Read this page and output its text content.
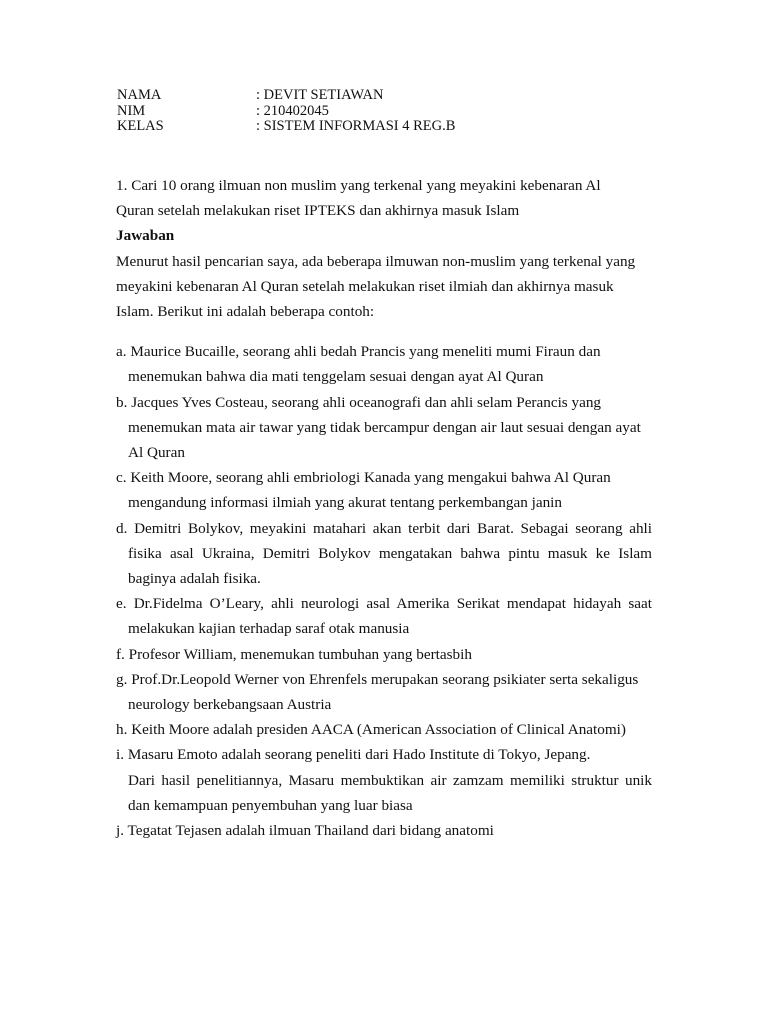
NAMA	: DEVIT SETIAWAN
NIM	: 210402045
KELAS	: SISTEM INFORMASI 4 REG.B

1. Cari 10 orang ilmuan non muslim yang terkenal yang meyakini kebenaran Al

Quran setelah melakukan riset IPTEKS dan akhirnya masuk Islam

Jawaban

Menurut hasil pencarian saya, ada beberapa ilmuwan non-muslim yang terkenal yang

meyakini kebenaran Al Quran setelah melakukan riset ilmiah dan akhirnya masuk

Islam. Berikut ini adalah beberapa contoh:

a. Maurice Bucaille, seorang ahli bedah Prancis yang meneliti mumi Firaun dan
menemukan bahwa dia mati tenggelam sesuai dengan ayat Al Quran
b. Jacques Yves Costeau, seorang ahli oceanografi dan ahli selam Perancis yang
menemukan mata air tawar yang tidak bercampur dengan air laut sesuai dengan ayat
Al Quran
c. Keith Moore, seorang ahli embriologi Kanada yang mengakui bahwa Al Quran
mengandung informasi ilmiah yang akurat tentang perkembangan janin
d. Demitri Bolykov, meyakini matahari akan terbit dari Barat. Sebagai seorang ahli
fisika asal Ukraina, Demitri Bolykov mengatakan bahwa pintu masuk ke Islam
baginya adalah fisika.
e. Dr.Fidelma O’Leary, ahli neurologi asal Amerika Serikat mendapat hidayah saat
melakukan kajian terhadap saraf otak manusia
f. Profesor William, menemukan tumbuhan yang bertasbih
g. Prof.Dr.Leopold Werner von Ehrenfels merupakan seorang psikiater serta sekaligus
neurology berkebangsaan Austria
h. Keith Moore adalah presiden AACA (American Association of Clinical Anatomi)
i. Masaru Emoto adalah seorang peneliti dari Hado Institute di Tokyo, Jepang.
Dari hasil penelitiannya, Masaru membuktikan air zamzam memiliki struktur unik
dan kemampuan penyembuhan yang luar biasa
j. Tegatat Tejasen adalah ilmuan Thailand dari bidang anatomi
